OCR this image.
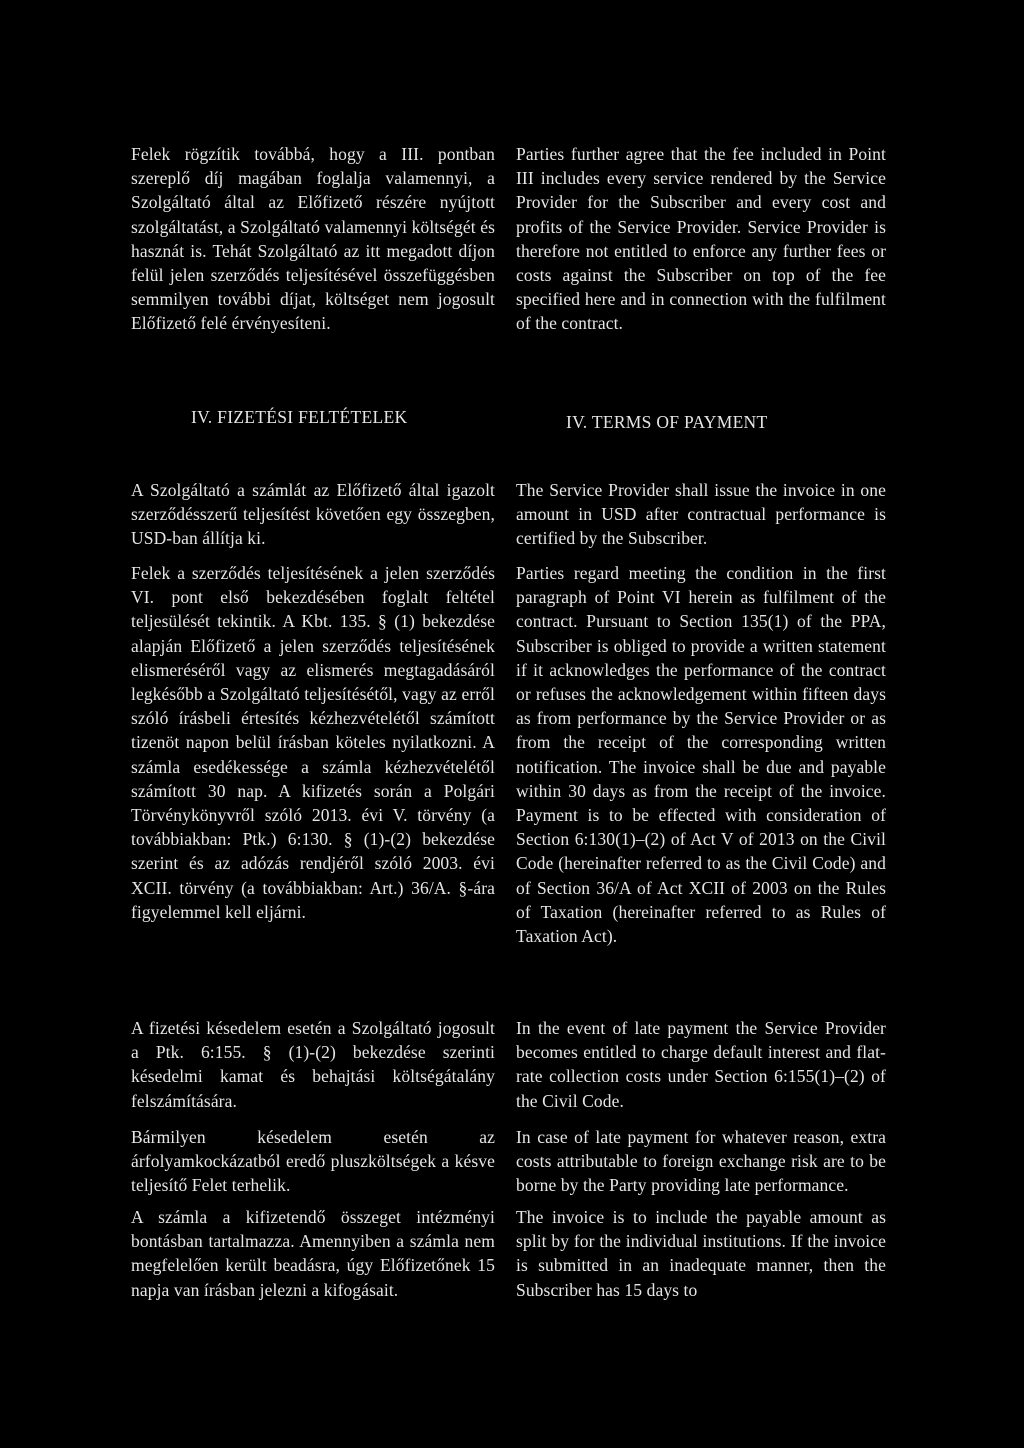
Felek rögzítik továbbá, hogy a III. pontban szereplő díj magában foglalja valamennyi, a Szolgáltató által az Előfizető részére nyújtott szolgáltatást, a Szolgáltató valamennyi költségét és hasznát is. Tehát Szolgáltató az itt megadott díjon felül jelen szerződés teljesítésével összefüggésben semmilyen további díjat, költséget nem jogosult Előfizető felé érvényesíteni.

IV. FIZETÉSI FELTÉTELEK

A Szolgáltató a számlát az Előfizető által igazolt szerződésszerű teljesítést követően egy összegben, USD-ban állítja ki.

Felek a szerződés teljesítésének a jelen szerződés VI. pont első bekezdésében foglalt feltétel teljesülését tekintik. A Kbt. 135. § (1) bekezdése alapján Előfizető a jelen szerződés teljesítésének elismeréséről vagy az elismerés megtagadásáról legkésőbb a Szolgáltató teljesítésétől, vagy az erről szóló írásbeli értesítés kézhezvételétől számított tizenöt napon belül írásban köteles nyilatkozni. A számla esedékessége a számla kézhezvételétől számított 30 nap. A kifizetés során a Polgári Törvénykönyvről szóló 2013. évi V. törvény (a továbbiakban: Ptk.) 6:130. § (1)-(2) bekezdése szerint és az adózás rendjéről szóló 2003. évi XCII. törvény (a továbbiakban: Art.) 36/A. §-ára figyelemmel kell eljárni.

A fizetési késedelem esetén a Szolgáltató jogosult a Ptk. 6:155. § (1)-(2) bekezdése szerinti késedelmi kamat és behajtási költségátalány felszámítására.

Bármilyen késedelem esetén az árfolyamkockázatból eredő pluszköltségek a késve teljesítő Felet terhelik.

A számla a kifizetendő összeget intézményi bontásban tartalmazza. Amennyiben a számla nem megfelelően került beadásra, úgy Előfizetőnek 15 napja van írásban jelezni a kifogásait.

Parties further agree that the fee included in Point III includes every service rendered by the Service Provider for the Subscriber and every cost and profits of the Service Provider. Service Provider is therefore not entitled to enforce any further fees or costs against the Subscriber on top of the fee specified here and in connection with the fulfilment of the contract.

IV. TERMS OF PAYMENT

The Service Provider shall issue the invoice in one amount in USD after contractual performance is certified by the Subscriber.

Parties regard meeting the condition in the first paragraph of Point VI herein as fulfilment of the contract. Pursuant to Section 135(1) of the PPA, Subscriber is obliged to provide a written statement if it acknowledges the performance of the contract or refuses the acknowledgement within fifteen days as from performance by the Service Provider or as from the receipt of the corresponding written notification. The invoice shall be due and payable within 30 days as from the receipt of the invoice. Payment is to be effected with consideration of Section 6:130(1)–(2) of Act V of 2013 on the Civil Code (hereinafter referred to as the Civil Code) and of Section 36/A of Act XCII of 2003 on the Rules of Taxation (hereinafter referred to as Rules of Taxation Act).

In the event of late payment the Service Provider becomes entitled to charge default interest and flat-rate collection costs under Section 6:155(1)–(2) of the Civil Code.

In case of late payment for whatever reason, extra costs attributable to foreign exchange risk are to be borne by the Party providing late performance.

The invoice is to include the payable amount as split by for the individual institutions. If the invoice is submitted in an inadequate manner, then the Subscriber has 15 days to
